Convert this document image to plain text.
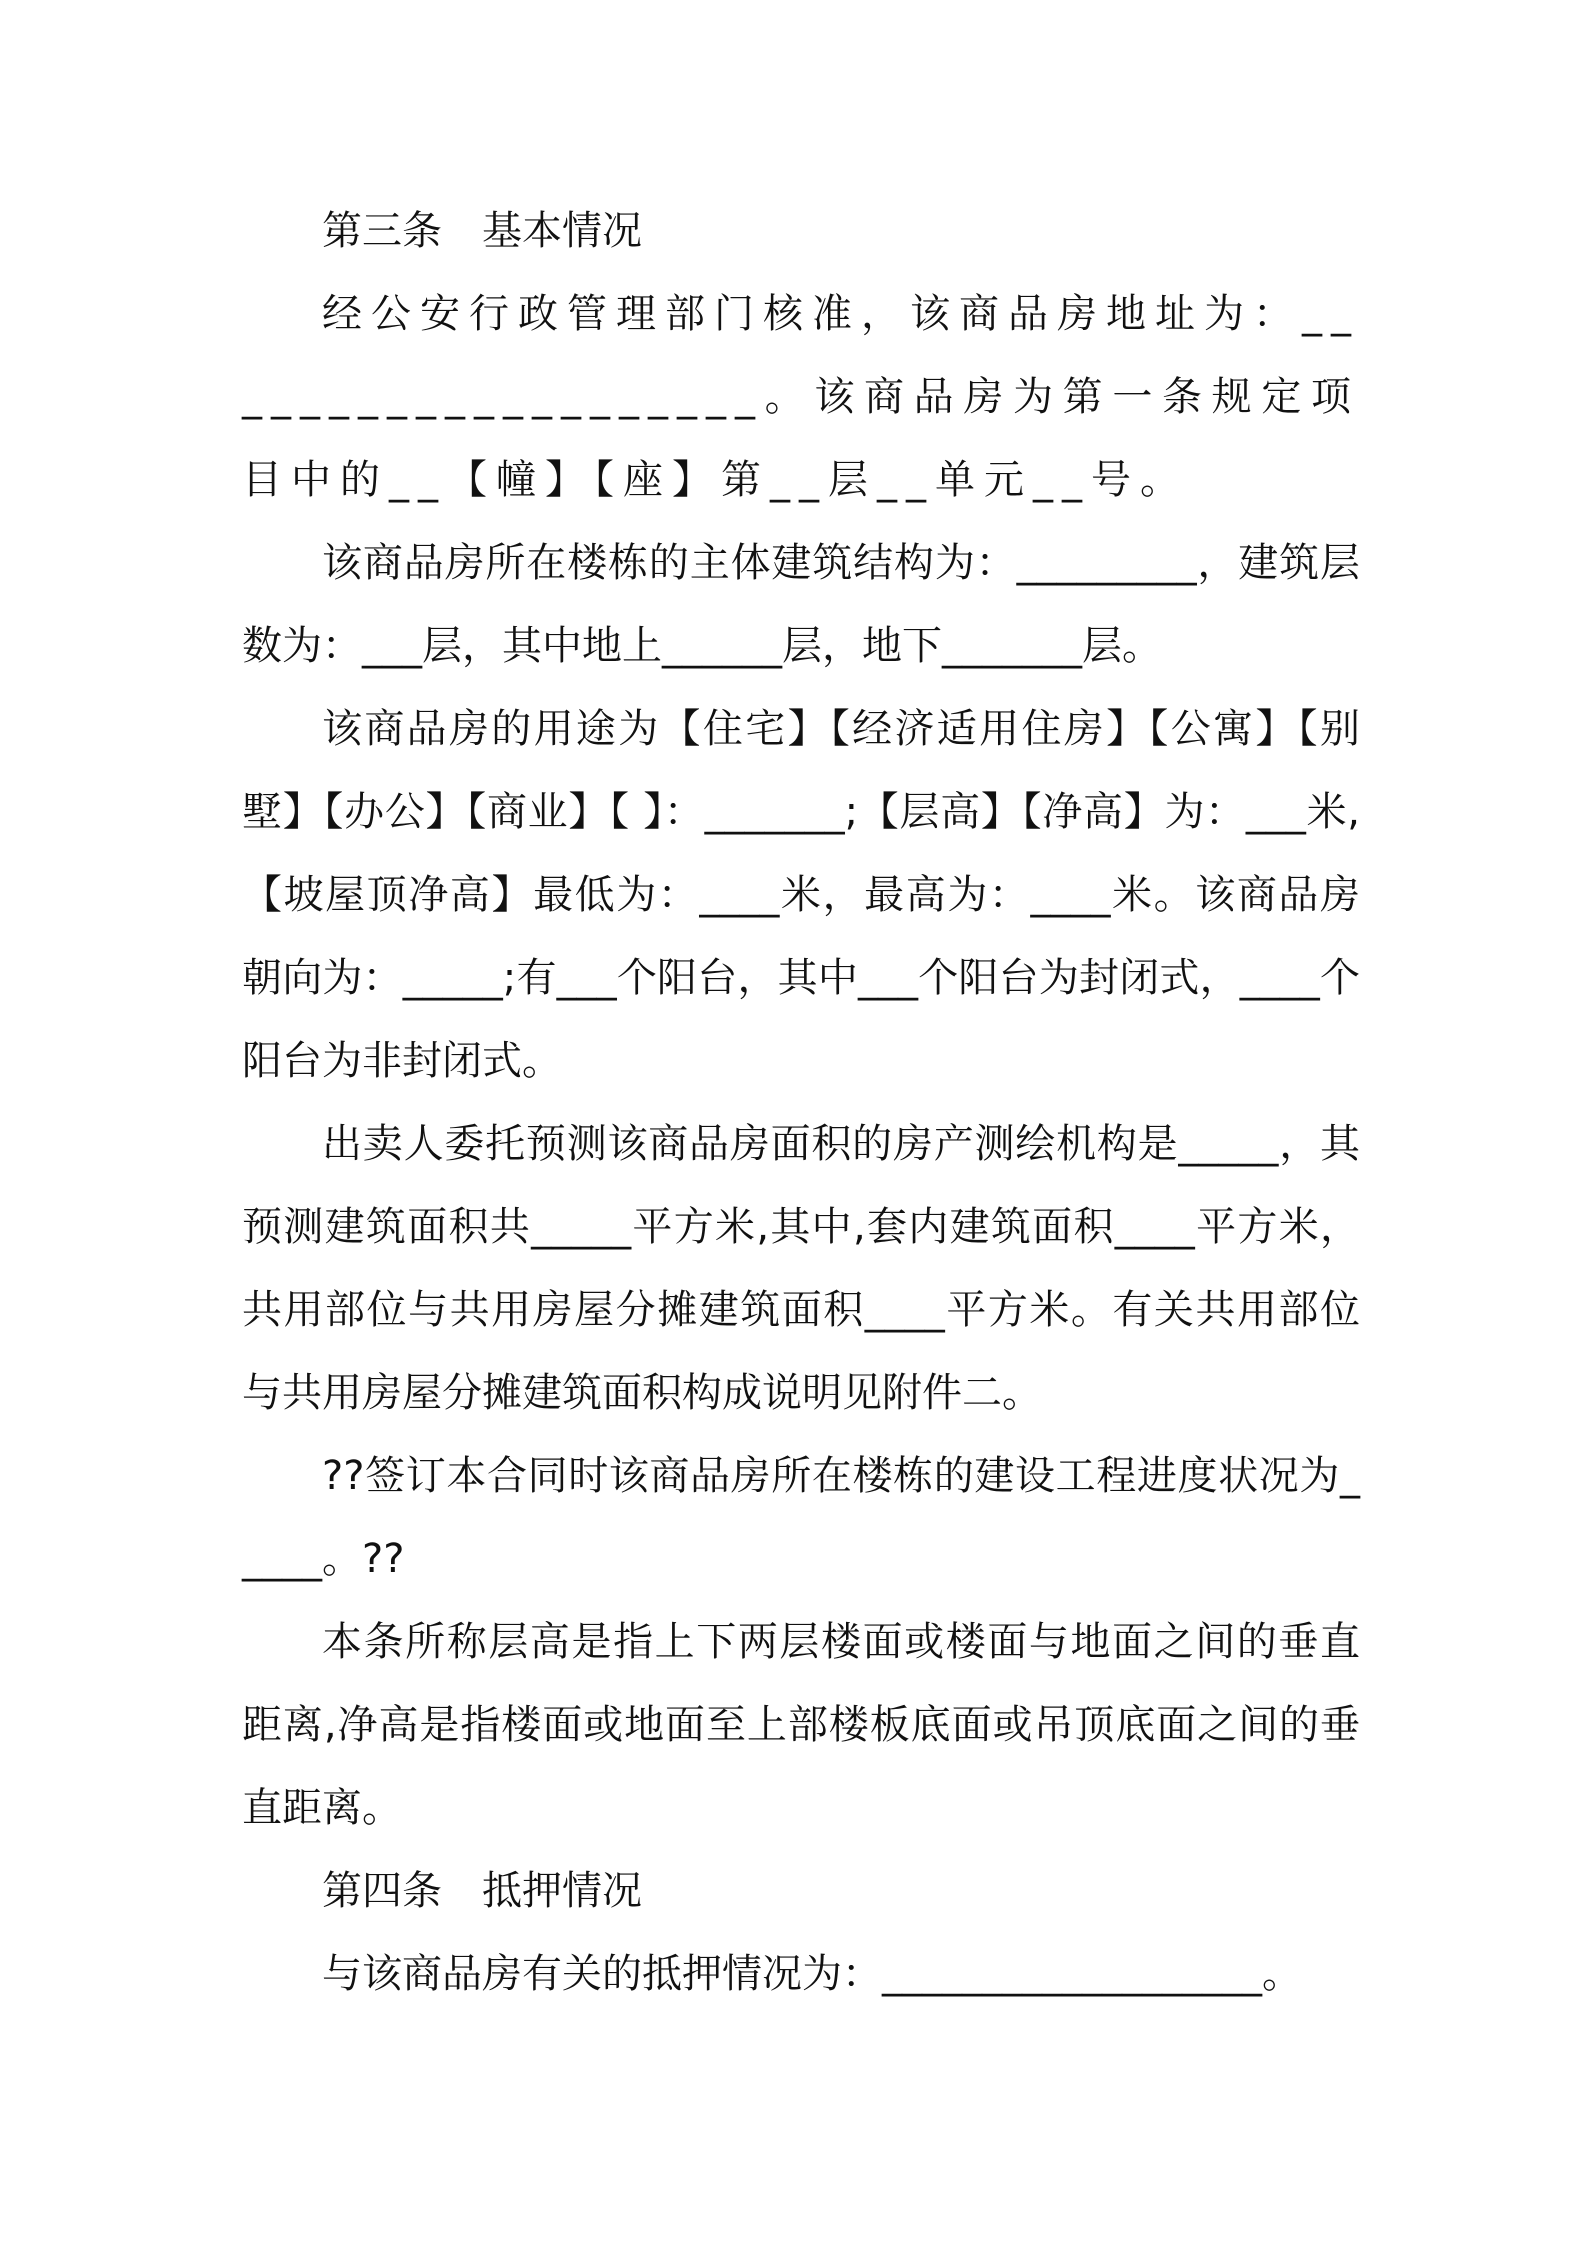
第三条　基本情况

经公安行政管理部门核准，该商品房地址为：____________________。该商品房为第一条规定项目中的__【幢】【座】第__层__单元__号。

该商品房所在楼栋的主体建筑结构为：_________，建筑层数为：___层，其中地上______层，地下_______层。

该商品房的用途为【住宅】【经济适用住房】【公寓】【别墅】【办公】【商业】【 】：_______;【层高】【净高】为：___米,【坡屋顶净高】最低为：____米，最高为：____米。该商品房朝向为：_____;有___个阳台，其中___个阳台为封闭式，____个阳台为非封闭式。

出卖人委托预测该商品房面积的房产测绘机构是_____，其预测建筑面积共_____平方米,其中,套内建筑面积____平方米，共用部位与共用房屋分摊建筑面积____平方米。有关共用部位与共用房屋分摊建筑面积构成说明见附件二。

??签订本合同时该商品房所在楼栋的建设工程进度状况为_____。??

本条所称层高是指上下两层楼面或楼面与地面之间的垂直距离,净高是指楼面或地面至上部楼板底面或吊顶底面之间的垂直距离。

第四条　抵押情况

与该商品房有关的抵押情况为：___________________。
